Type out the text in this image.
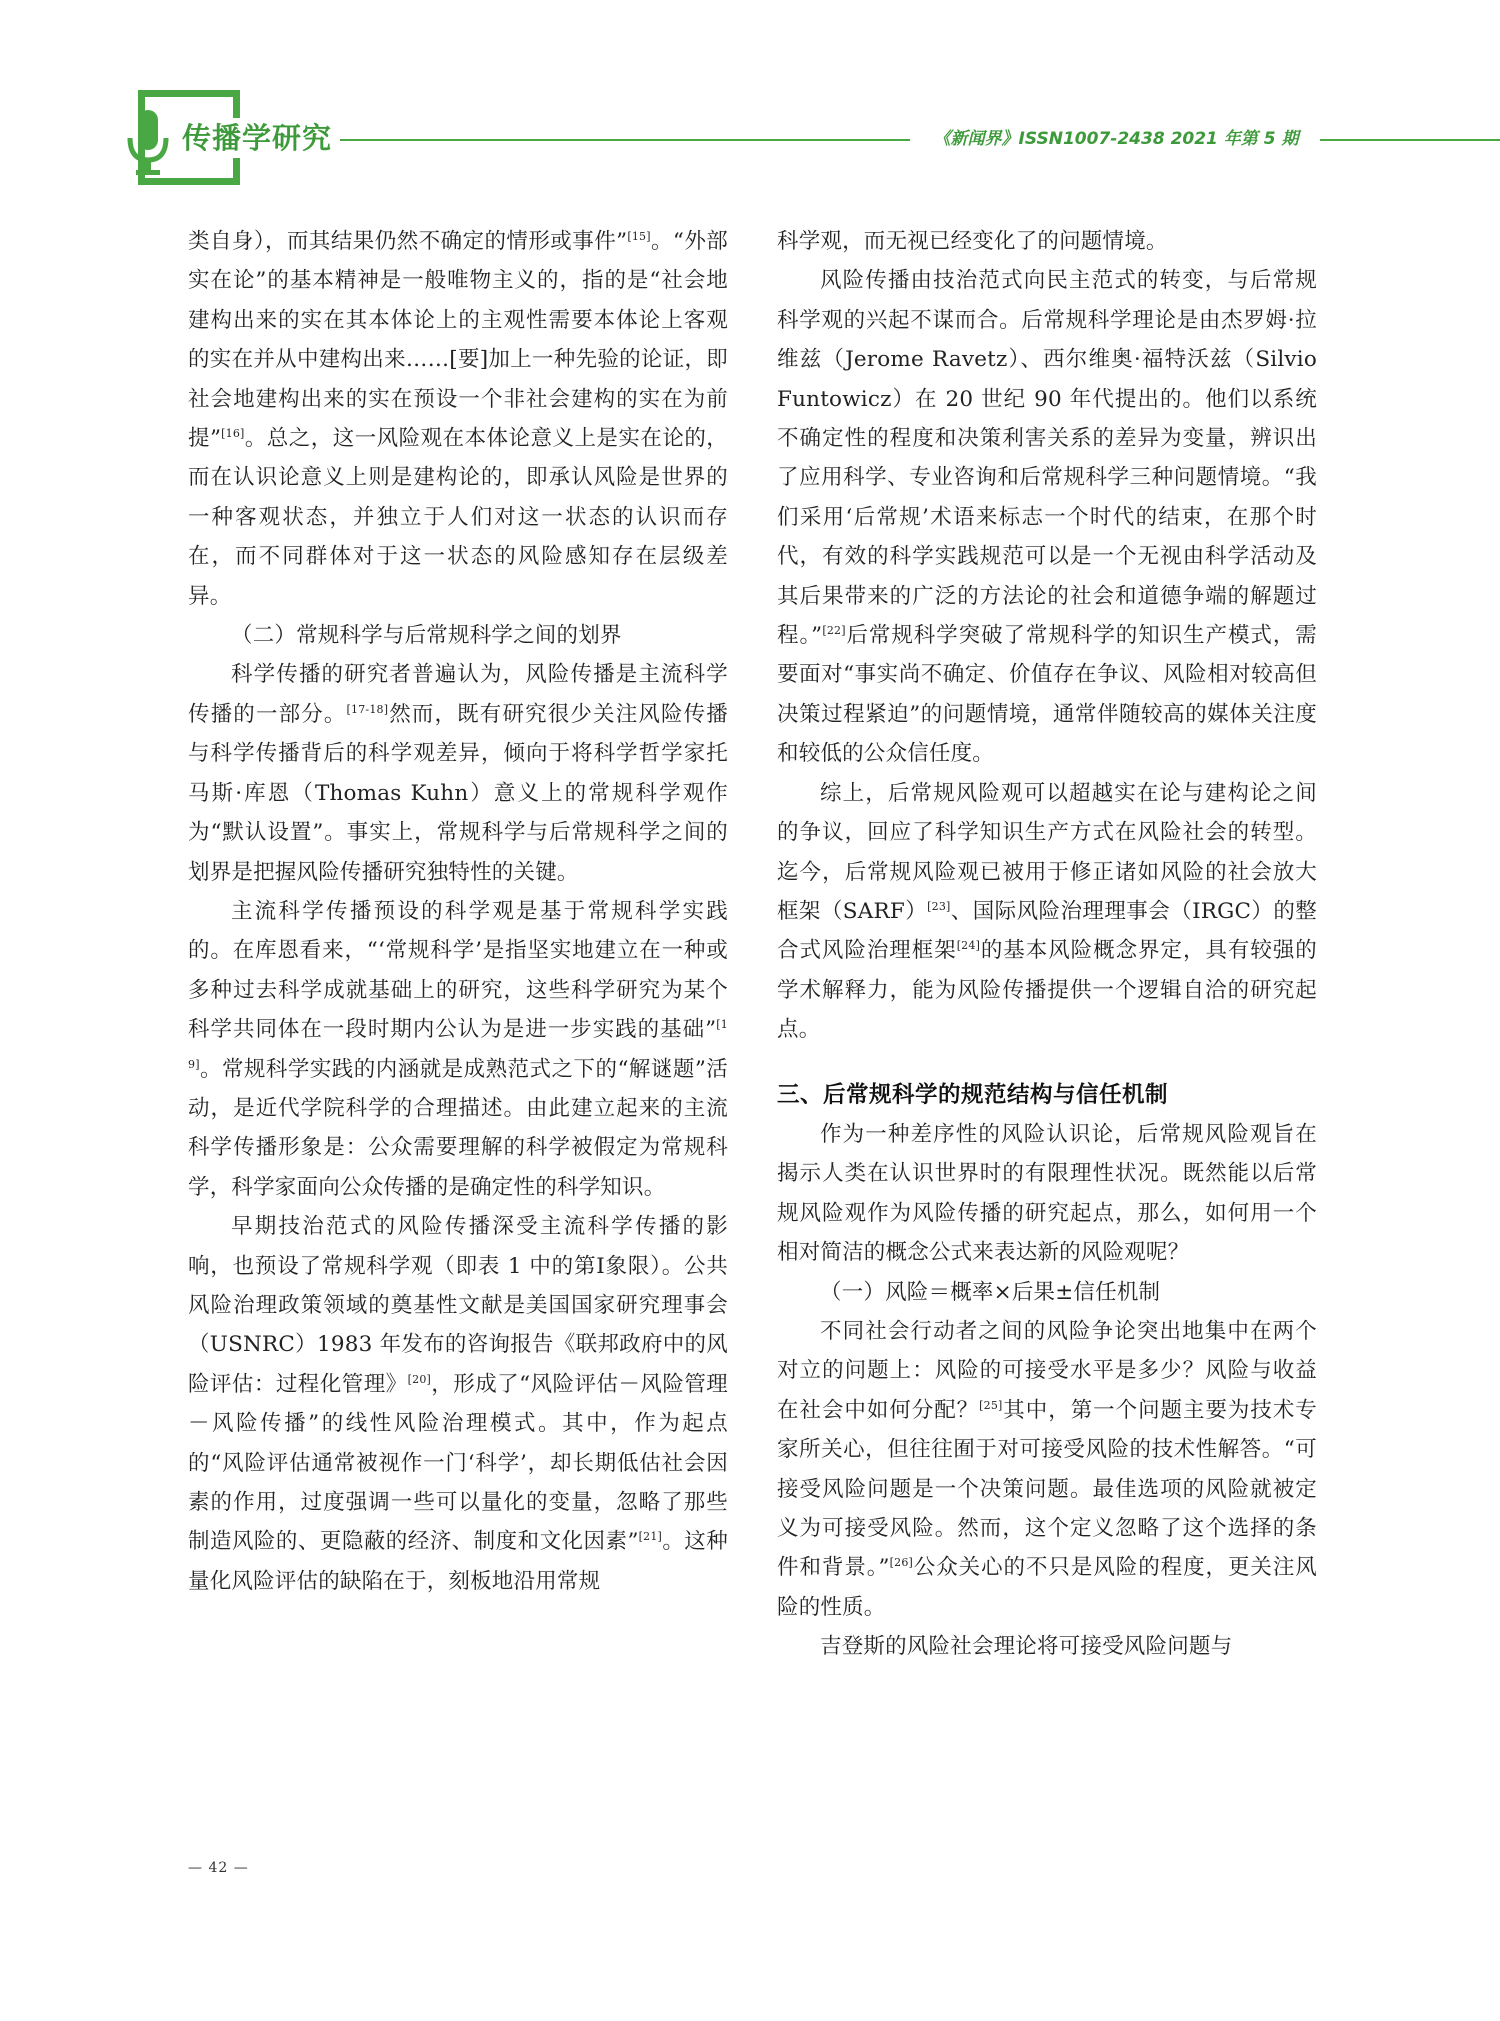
传播学研究	《新闻界》ISSN1007-2438 2021 年第 5 期

类自身），而其结果仍然不确定的情形或事件”[15]。“外部实在论”的基本精神是一般唯物主义的，指的是“社会地建构出来的实在其本体论上的主观性需要本体论上客观的实在并从中建构出来……[要]加上一种先验的论证，即社会地建构出来的实在预设一个非社会建构的实在为前提”[16]。总之，这一风险观在本体论意义上是实在论的，而在认识论意义上则是建构论的，即承认风险是世界的一种客观状态，并独立于人们对这一状态的认识而存在，而不同群体对于这一状态的风险感知存在层级差异。

（二）常规科学与后常规科学之间的划界

科学传播的研究者普遍认为，风险传播是主流科学传播的一部分。[17-18]然而，既有研究很少关注风险传播与科学传播背后的科学观差异，倾向于将科学哲学家托马斯·库恩（Thomas Kuhn）意义上的常规科学观作为“默认设置”。事实上，常规科学与后常规科学之间的划界是把握风险传播研究独特性的关键。

主流科学传播预设的科学观是基于常规科学实践的。在库恩看来，“‘常规科学’是指坚实地建立在一种或多种过去科学成就基础上的研究，这些科学研究为某个科学共同体在一段时期内公认为是进一步实践的基础”[19]。常规科学实践的内涵就是成熟范式之下的“解谜题”活动，是近代学院科学的合理描述。由此建立起来的主流科学传播形象是：公众需要理解的科学被假定为常规科学，科学家面向公众传播的是确定性的科学知识。

早期技治范式的风险传播深受主流科学传播的影响，也预设了常规科学观（即表 1 中的第Ⅰ象限）。公共风险治理政策领域的奠基性文献是美国国家研究理事会（USNRC）1983 年发布的咨询报告《联邦政府中的风险评估：过程化管理》[20]，形成了“风险评估－风险管理－风险传播”的线性风险治理模式。其中，作为起点的“风险评估通常被视作一门‘科学’，却长期低估社会因素的作用，过度强调一些可以量化的变量，忽略了那些制造风险的、更隐蔽的经济、制度和文化因素”[21]。这种量化风险评估的缺陷在于，刻板地沿用常规

科学观，而无视已经变化了的问题情境。

风险传播由技治范式向民主范式的转变，与后常规科学观的兴起不谋而合。后常规科学理论是由杰罗姆·拉维兹（Jerome Ravetz）、西尔维奥·福特沃兹（Silvio Funtowicz）在 20 世纪 90 年代提出的。他们以系统不确定性的程度和决策利害关系的差异为变量，辨识出了应用科学、专业咨询和后常规科学三种问题情境。“我们采用‘后常规’术语来标志一个时代的结束，在那个时代，有效的科学实践规范可以是一个无视由科学活动及其后果带来的广泛的方法论的社会和道德争端的解题过程。”[22]后常规科学突破了常规科学的知识生产模式，需要面对“事实尚不确定、价值存在争议、风险相对较高但决策过程紧迫”的问题情境，通常伴随较高的媒体关注度和较低的公众信任度。

综上，后常规风险观可以超越实在论与建构论之间的争议，回应了科学知识生产方式在风险社会的转型。迄今，后常规风险观已被用于修正诸如风险的社会放大框架（SARF）[23]、国际风险治理理事会（IRGC）的整合式风险治理框架[24]的基本风险概念界定，具有较强的学术解释力，能为风险传播提供一个逻辑自洽的研究起点。

三、后常规科学的规范结构与信任机制

作为一种差序性的风险认识论，后常规风险观旨在揭示人类在认识世界时的有限理性状况。既然能以后常规风险观作为风险传播的研究起点，那么，如何用一个相对简洁的概念公式来表达新的风险观呢？

（一）风险＝概率×后果±信任机制

不同社会行动者之间的风险争论突出地集中在两个对立的问题上：风险的可接受水平是多少？风险与收益在社会中如何分配？[25]其中，第一个问题主要为技术专家所关心，但往往囿于对可接受风险的技术性解答。“可接受风险问题是一个决策问题。最佳选项的风险就被定义为可接受风险。然而，这个定义忽略了这个选择的条件和背景。”[26]公众关心的不只是风险的程度，更关注风险的性质。

吉登斯的风险社会理论将可接受风险问题与

— 42 —
